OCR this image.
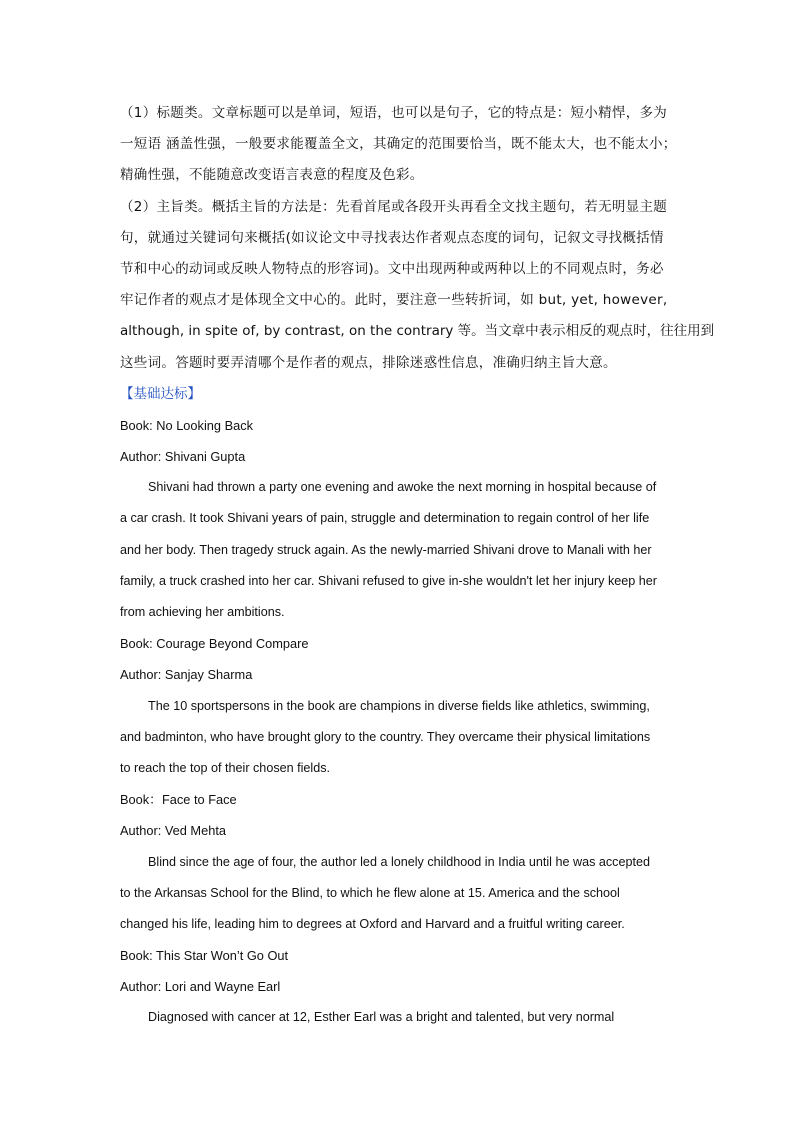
（1）标题类。文章标题可以是单词，短语，也可以是句子，它的特点是：短小精悍，多为
一短语 涵盖性强，一般要求能覆盖全文，其确定的范围要恰当，既不能太大，也不能太小；
精确性强，不能随意改变语言表意的程度及色彩。
（2）主旨类。概括主旨的方法是：先看首尾或各段开头再看全文找主题句，若无明显主题
句，就通过关键词句来概括(如议论文中寻找表达作者观点态度的词句，记叙文寻找概括情
节和中心的动词或反映人物特点的形容词)。文中出现两种或两种以上的不同观点时，务必
牢记作者的观点才是体现全文中心的。此时，要注意一些转折词，如 but, yet, however,
although, in spite of, by contrast, on the contrary 等。当文章中表示相反的观点时，往往用到
这些词。答题时要弄清哪个是作者的观点，排除迷惑性信息，准确归纳主旨大意。
【基础达标】
Book: No Looking Back
Author: Shivani Gupta
Shivani had thrown a party one evening and awoke the next morning in hospital because of
a car crash. It took Shivani years of pain, struggle and determination to regain control of her life
and her body. Then tragedy struck again. As the newly-married Shivani drove to Manali with her
family, a truck crashed into her car. Shivani refused to give in-she wouldn't let her injury keep her
from achieving her ambitions.
Book: Courage Beyond Compare
Author: Sanjay Sharma
The 10 sportspersons in the book are champions in diverse fields like athletics, swimming,
and badminton, who have brought glory to the country. They overcame their physical limitations
to reach the top of their chosen fields.
Book：Face to Face
Author: Ved Mehta
Blind since the age of four, the author led a lonely childhood in India until he was accepted
to the Arkansas School for the Blind, to which he flew alone at 15. America and the school
changed his life, leading him to degrees at Oxford and Harvard and a fruitful writing career.
Book: This Star Won’t Go Out
Author: Lori and Wayne Earl
Diagnosed with cancer at 12, Esther Earl was a bright and talented, but very normal
